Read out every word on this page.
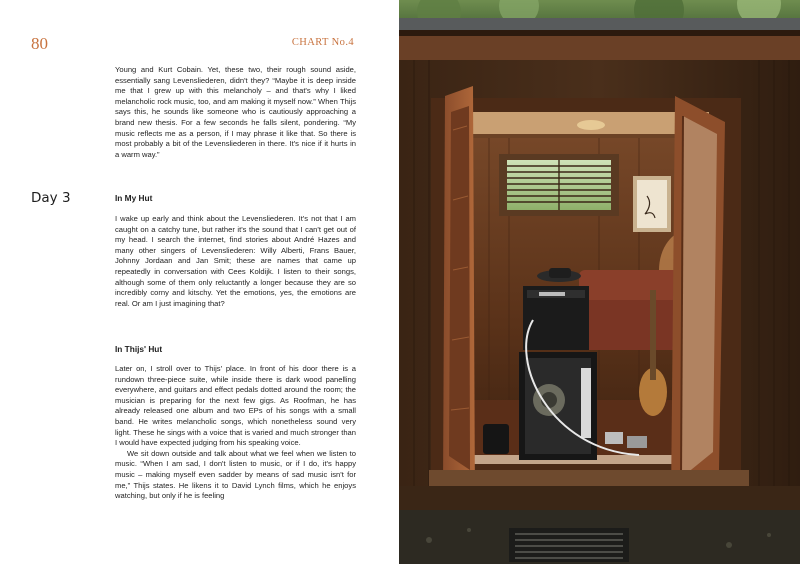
80	CHART No.4

Young and Kurt Cobain. Yet, these two, their rough sound aside, essentially sang Levensliederen, didn't they? “Maybe it is deep inside me that I grew up with this melancholy – and that's why I liked melancholic rock music, too, and am making it myself now.” When Thijs says this, he sounds like someone who is cautiously approaching a brand new thesis. For a few seconds he falls silent, pondering. “My music reflects me as a person, if I may phrase it like that. So there is most probably a bit of the Levensliederen in there. It's nice if it hurts in a warm way.”

Day 3	In My Hut

I wake up early and think about the Levensliederen. It's not that I am caught on a catchy tune, but rather it's the sound that I can't get out of my head. I search the internet, find stories about André Hazes and many other singers of Levensliederen: Willy Alberti, Frans Bauer, Johnny Jordaan and Jan Smit; these are names that came up repeatedly in conversation with Cees Koldijk. I listen to their songs, although some of them only reluctantly a longer because they are so incredibly corny and kitschy. Yet the emotions, yes, the emotions are real. Or am I just imagining that?

In Thijs' Hut

Later on, I stroll over to Thijs' place. In front of his door there is a rundown three-piece suite, while inside there is dark wood panelling everywhere, and guitars and effect pedals dotted around the room; the musician is preparing for the next few gigs. As Roofman, he has already released one album and two EPs of his songs with a small band. He writes melancholic songs, which nonetheless sound very light. These he sings with a voice that is varied and much stronger than I would have expected judging from his speaking voice.

We sit down outside and talk about what we feel when we listen to music. “When I am sad, I don't listen to music, or if I do, it's happy music – making myself even sadder by means of sad music isn't for me,” Thijs states. He likens it to David Lynch films, which he enjoys watching, but only if he is feeling
